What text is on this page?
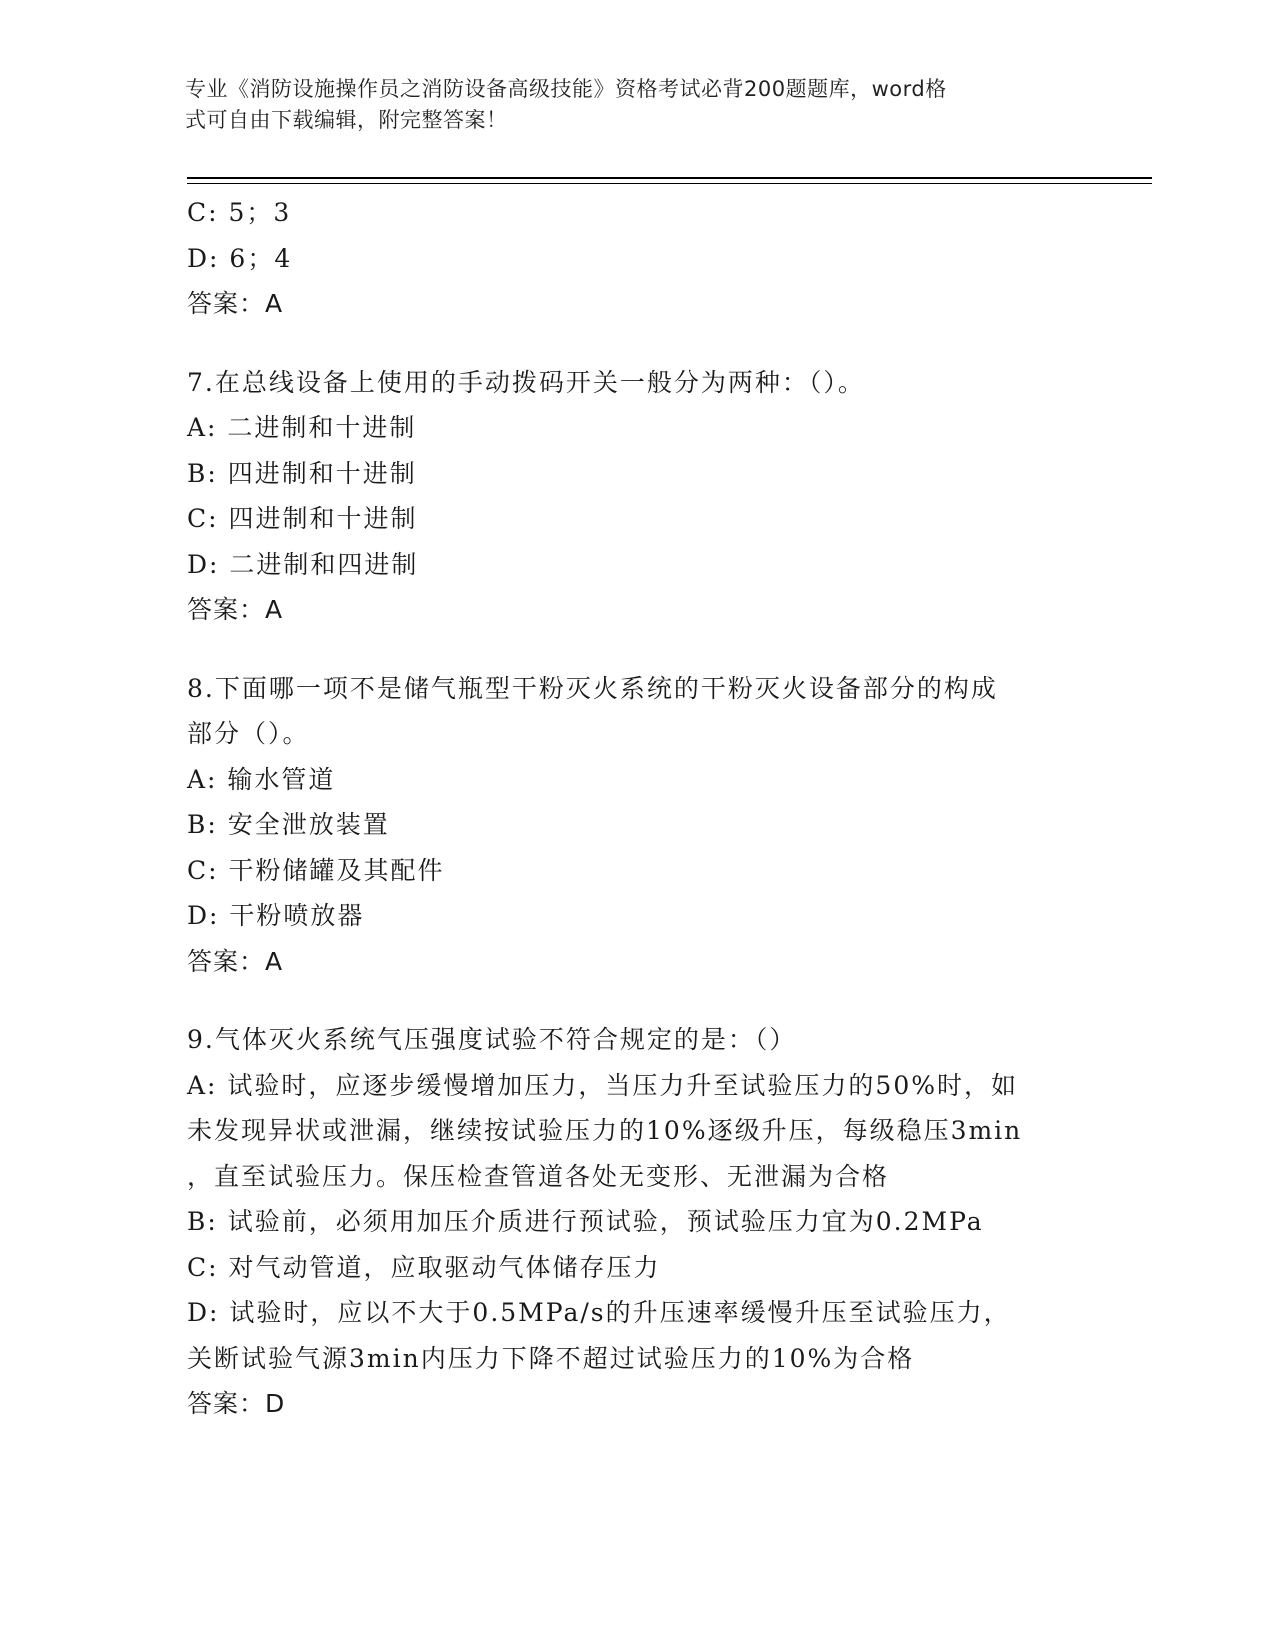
专业《消防设施操作员之消防设备高级技能》资格考试必背200题题库，word格
式可自由下载编辑，附完整答案！
C: 5；3
D: 6；4
答案：A
7.在总线设备上使用的手动拨码开关一般分为两种：（）。
A: 二进制和十进制
B: 四进制和十进制
C: 四进制和十进制
D: 二进制和四进制
答案：A
8.下面哪一项不是储气瓶型干粉灭火系统的干粉灭火设备部分的构成
部分（）。
A: 输水管道
B: 安全泄放装置
C: 干粉储罐及其配件
D: 干粉喷放器
答案：A
9.气体灭火系统气压强度试验不符合规定的是：（）
A: 试验时，应逐步缓慢增加压力，当压力升至试验压力的50%时，如
未发现异状或泄漏，继续按试验压力的10%逐级升压，每级稳压3min
，直至试验压力。保压检查管道各处无变形、无泄漏为合格
B: 试验前，必须用加压介质进行预试验，预试验压力宜为0.2MPa
C: 对气动管道，应取驱动气体储存压力
D: 试验时，应以不大于0.5MPa/s的升压速率缓慢升压至试验压力，
关断试验气源3min内压力下降不超过试验压力的10%为合格
答案：D
